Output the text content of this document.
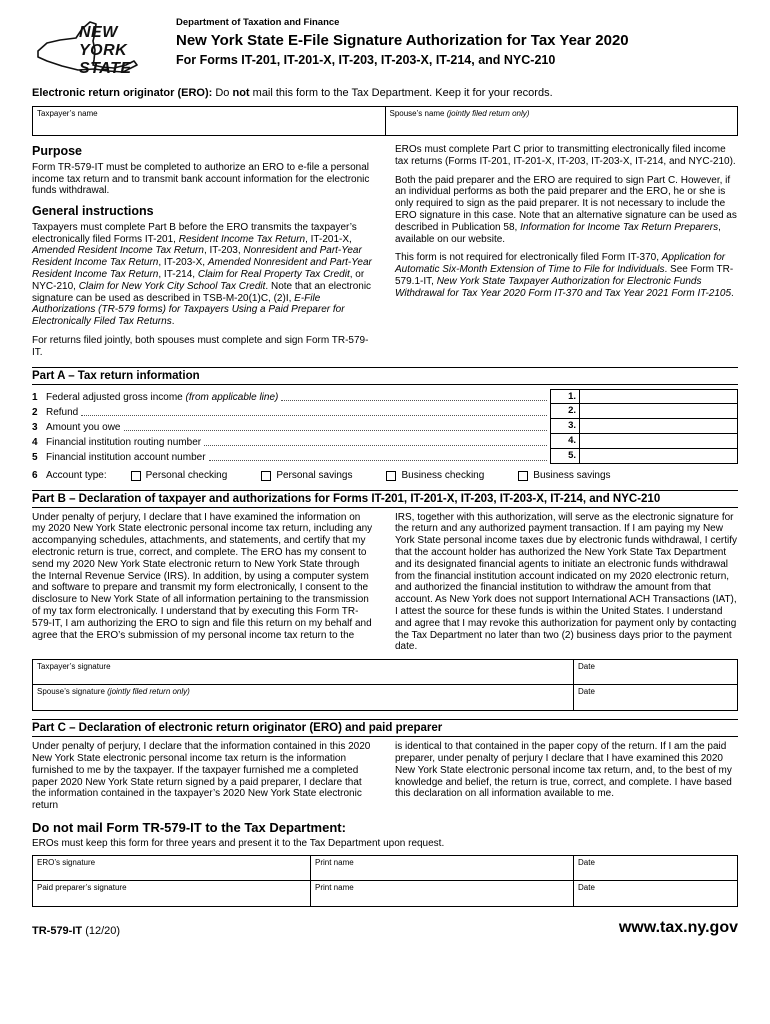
NEW
YORK
STATE
Department of Taxation and Finance
New York State E-File Signature Authorization for Tax Year 2020
For Forms IT-201, IT-201-X, IT-203, IT-203-X, IT-214, and NYC-210

Electronic return originator (ERO): Do not mail this form to the Tax Department. Keep it for your records.

Taxpayer’s name	Spouse’s name (jointly filed return only)
Purpose

Form TR-579-IT must be completed to authorize an ERO to e-file a personal income tax return and to transmit bank account information for the electronic funds withdrawal.

General instructions

Taxpayers must complete Part B before the ERO transmits the taxpayer’s electronically filed Forms IT-201, Resident Income Tax Return, IT-201-X, Amended Resident Income Tax Return, IT-203, Nonresident and Part-Year Resident Income Tax Return, IT-203-X, Amended Nonresident and Part-Year Resident Income Tax Return, IT-214, Claim for Real Property Tax Credit, or NYC-210, Claim for New York City School Tax Credit. Note that an electronic signature can be used as described in TSB-M-20(1)C, (2)I, E-File Authorizations (TR-579 forms) for Taxpayers Using a Paid Preparer for Electronically Filed Tax Returns.

For returns filed jointly, both spouses must complete and sign Form TR-579-IT.

EROs must complete Part C prior to transmitting electronically filed income tax returns (Forms IT-201, IT-201-X, IT-203, IT-203-X, IT-214, and NYC-210).

Both the paid preparer and the ERO are required to sign Part C. However, if an individual performs as both the paid preparer and the ERO, he or she is only required to sign as the paid preparer. It is not necessary to include the ERO signature in this case. Note that an alternative signature can be used as described in Publication 58, Information for Income Tax Return Preparers, available on our website.

This form is not required for electronically filed Form IT-370, Application for Automatic Six-Month Extension of Time to File for Individuals. See Form TR-579.1-IT, New York State Taxpayer Authorization for Electronic Funds Withdrawal for Tax Year 2020 Form IT-370 and Tax Year 2021 Form IT-2105.

Part A – Tax return information
1 Federal adjusted gross income (from applicable line)	1.
2 Refund	2.
3 Amount you owe	3.
4 Financial institution routing number	4.
5 Financial institution account number	5.
6 Account type:	Personal checking	Personal savings	Business checking	Business savings
Part B – Declaration of taxpayer and authorizations for Forms IT-201, IT-201-X, IT-203, IT-203-X, IT-214, and NYC-210

Under penalty of perjury, I declare that I have examined the information on my 2020 New York State electronic personal income tax return, including any accompanying schedules, attachments, and statements, and certify that my electronic return is true, correct, and complete. The ERO has my consent to send my 2020 New York State electronic return to New York State through the Internal Revenue Service (IRS). In addition, by using a computer system and software to prepare and transmit my form electronically, I consent to the disclosure to New York State of all information pertaining to the transmission of my tax form electronically. I understand that by executing this Form TR-579-IT, I am authorizing the ERO to sign and file this return on my behalf and agree that the ERO’s submission of my personal income tax return to the

IRS, together with this authorization, will serve as the electronic signature for the return and any authorized payment transaction. If I am paying my New York State personal income taxes due by electronic funds withdrawal, I certify that the account holder has authorized the New York State Tax Department and its designated financial agents to initiate an electronic funds withdrawal from the financial institution account indicated on my 2020 electronic return, and authorized the financial institution to withdraw the amount from that account. As New York does not support International ACH Transactions (IAT), I attest the source for these funds is within the United States. I understand and agree that I may revoke this authorization for payment only by contacting the Tax Department no later than two (2) business days prior to the payment date.

Taxpayer’s signature	Date
Spouse’s signature (jointly filed return only)	Date
Part C – Declaration of electronic return originator (ERO) and paid preparer

Under penalty of perjury, I declare that the information contained in this 2020 New York State electronic personal income tax return is the information furnished to me by the taxpayer. If the taxpayer furnished me a completed paper 2020 New York State return signed by a paid preparer, I declare that the information contained in the taxpayer’s 2020 New York State electronic return

is identical to that contained in the paper copy of the return. If I am the paid preparer, under penalty of perjury I declare that I have examined this 2020 New York State electronic personal income tax return, and, to the best of my knowledge and belief, the return is true, correct, and complete. I have based this declaration on all information available to me.

Do not mail Form TR-579-IT to the Tax Department:

EROs must keep this form for three years and present it to the Tax Department upon request.

ERO’s signature	Print name	Date
Paid preparer’s signature	Print name	Date
TR-579-IT (12/20)	www.tax.ny.gov
